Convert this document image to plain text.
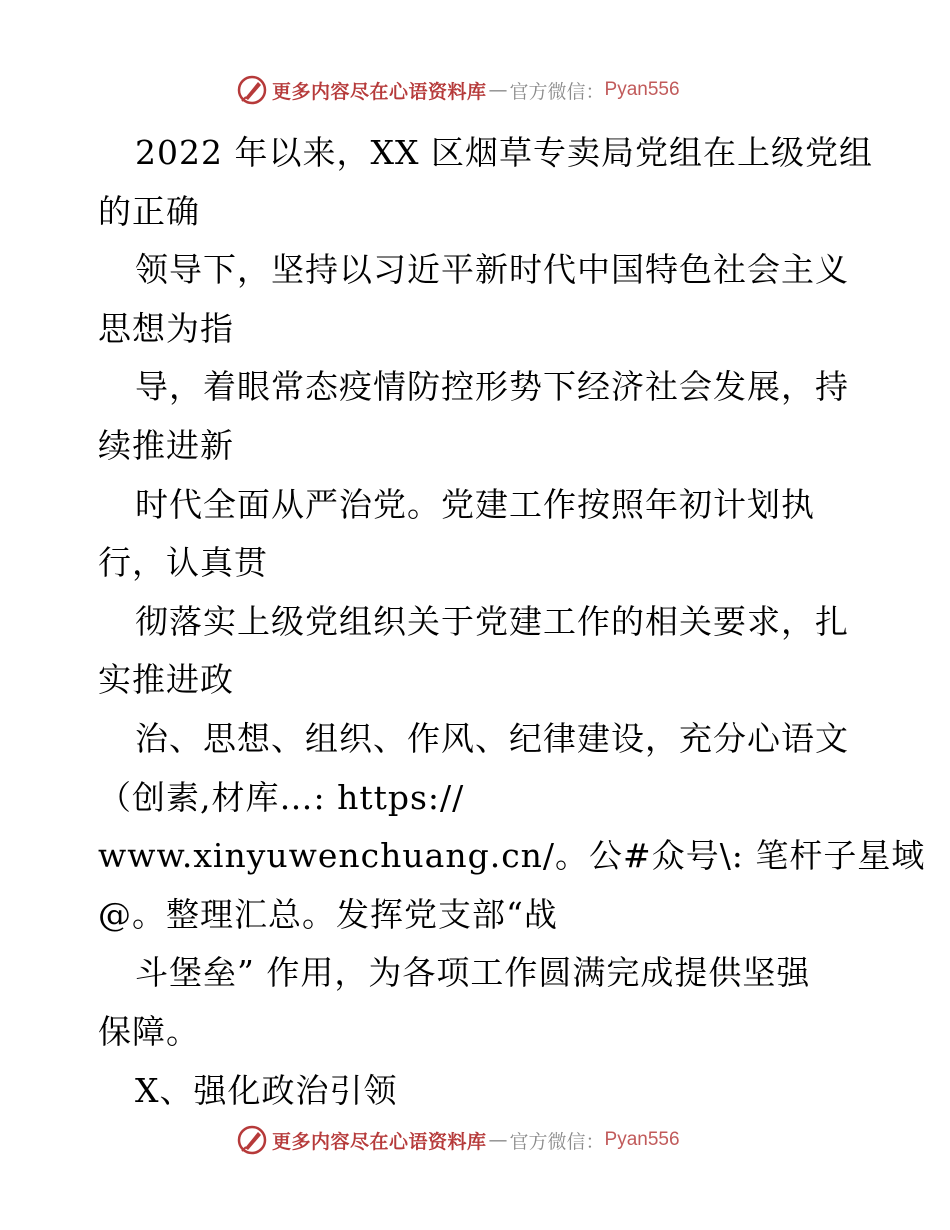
更多内容尽在心语资料库 — 官方微信： Pyan556
2022 年以来，XX 区烟草专卖局党组在上级党组
的正确
领导下，坚持以习近平新时代中国特色社会主义
思想为指
导，着眼常态疫情防控形势下经济社会发展，持
续推进新
时代全面从严治党。党建工作按照年初计划执
行，认真贯
彻落实上级党组织关于党建工作的相关要求，扎
实推进政
治、思想、组织、作风、纪律建设，充分心语文
（创素,材库…: https://
www.xinyuwenchuang.cn/。公#众号\: 笔杆子星域
@。整理汇总。发挥党支部“战
斗堡垒” 作用，为各项工作圆满完成提供坚强
保障。
X、强化政治引领
更多内容尽在心语资料库 — 官方微信： Pyan556
